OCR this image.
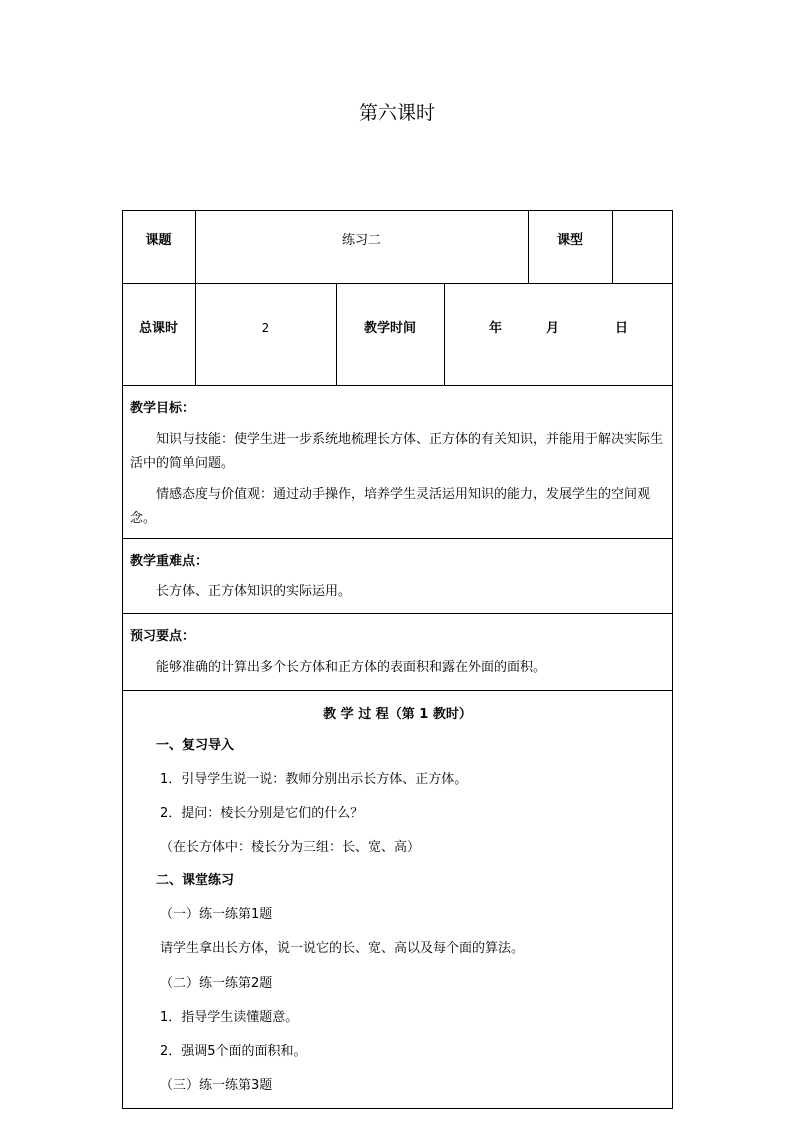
第六课时
课题	练习二	课型
总课时	2	教学时间	年	月	日
教学目标：
知识与技能：使学生进一步系统地梳理长方体、正方体的有关知识，并能用于解决实际生活中的简单问题。
情感态度与价值观：通过动手操作，培养学生灵活运用知识的能力，发展学生的空间观念。
教学重难点：
长方体、正方体知识的实际运用。
预习要点：
能够准确的计算出多个长方体和正方体的表面积和露在外面的面积。
教 学 过 程（第 1 教时）
一、复习导入
1．引导学生说一说：教师分别出示长方体、正方体。
2．提问：棱长分别是它们的什么？
（在长方体中：棱长分为三组：长、宽、高）
二、课堂练习
（一）练一练第1题
请学生拿出长方体，说一说它的长、宽、高以及每个面的算法。
（二）练一练第2题
1．指导学生读懂题意。
2．强调5个面的面积和。
（三）练一练第3题
